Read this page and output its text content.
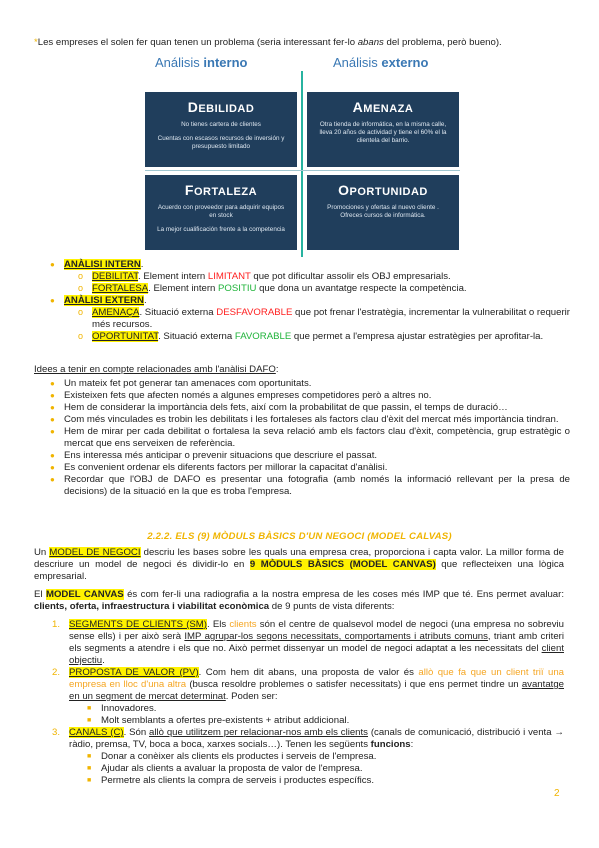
*Les empreses el solen fer quan tenen un problema (seria interessant fer-lo abans del problema, però bueno).
Análisis interno	Análisis externo
DEBILIDAD
No tienes cartera de clientes
Cuentas con escasos recursos de inversión y presupuesto limitado
AMENAZA
Otra tienda de informática, en la misma calle, lleva 20 años de actividad y tiene el 60% el la clientela del barrio.
FORTALEZA
Acuerdo con proveedor para adquirir equipos en stock
La mejor cualificación frente a la competencia
OPORTUNIDAD
Promociones y ofertas al nuevo cliente .
Ofreces cursos de informática.
● ANÀLISI INTERN.
o DEBILITAT. Element intern LIMITANT que pot dificultar assolir els OBJ empresarials.
o FORTALESA. Element intern POSITIU que dona un avantatge respecte la competència.
● ANÀLISI EXTERN.
o AMENAÇA. Situació externa DESFAVORABLE que pot frenar l'estratègia, incrementar la vulnerabilitat o requerir més recursos.
o OPORTUNITAT. Situació externa FAVORABLE que permet a l'empresa ajustar estratègies per aprofitar-la.
Idees a tenir en compte relacionades amb l'anàlisi DAFO:
● Un mateix fet pot generar tan amenaces com oportunitats.
● Existeixen fets que afecten només a algunes empreses competidores però a altres no.
● Hem de considerar la importància dels fets, així com la probabilitat de que passin, el temps de duració…
● Com més vinculades es trobin les debilitats i les fortaleses als factors clau d'èxit del mercat més importància tindran.
● Hem de mirar per cada debilitat o fortalesa la seva relació amb els factors clau d'èxit, competència, grup estratègic o mercat que ens serveixen de referència.
● Ens interessa més anticipar o prevenir situacions que descriure el passat.
● Es convenient ordenar els diferents factors per millorar la capacitat d'anàlisi.
● Recordar que l'OBJ de DAFO es presentar una fotografia (amb només la informació rellevant per la presa de decisions) de la situació en la que es troba l'empresa.
2.2.2. ELS (9) MÒDULS BÀSICS D'UN NEGOCI (MODEL CALVAS)
Un MODEL DE NEGOCI descriu les bases sobre les quals una empresa crea, proporciona i capta valor. La millor forma de descriure un model de negoci és dividir-lo en 9 MÒDULS BÀSICS (MODEL CANVAS) que reflecteixen una lògica empresarial.
El MODEL CANVAS és com fer-li una radiografia a la nostra empresa de les coses més IMP que té. Ens permet avaluar: clients, oferta, infraestructura i viabilitat econòmica de 9 punts de vista diferents:
1. SEGMENTS DE CLIENTS (SM). Els clients són el centre de qualsevol model de negoci (una empresa no sobreviu sense ells) i per això serà IMP agrupar-los segons necessitats, comportaments i atributs comuns, triant amb criteri els segments a atendre i els que no. Això permet dissenyar un model de negoci adaptat a les necessitats del client objectiu.
2. PROPOSTA DE VALOR (PV). Com hem dit abans, una proposta de valor és allò que fa que un client triï una empresa en lloc d'una altra (busca resoldre problemes o satisfer necessitats) i que ens permet tindre un avantatge en un segment de mercat determinat. Poden ser:
■ Innovadores.
■ Molt semblants a ofertes pre-existents + atribut addicional.
3. CANALS (C). Són allò que utilitzem per relacionar-nos amb els clients (canals de comunicació, distribució i venta → ràdio, premsa, TV, boca a boca, xarxes socials…). Tenen les següents funcions:
■ Donar a conèixer als clients els productes i serveis de l'empresa.
■ Ajudar als clients a avaluar la proposta de valor de l'empresa.
■ Permetre als clients la compra de serveis i productes específics.
2
